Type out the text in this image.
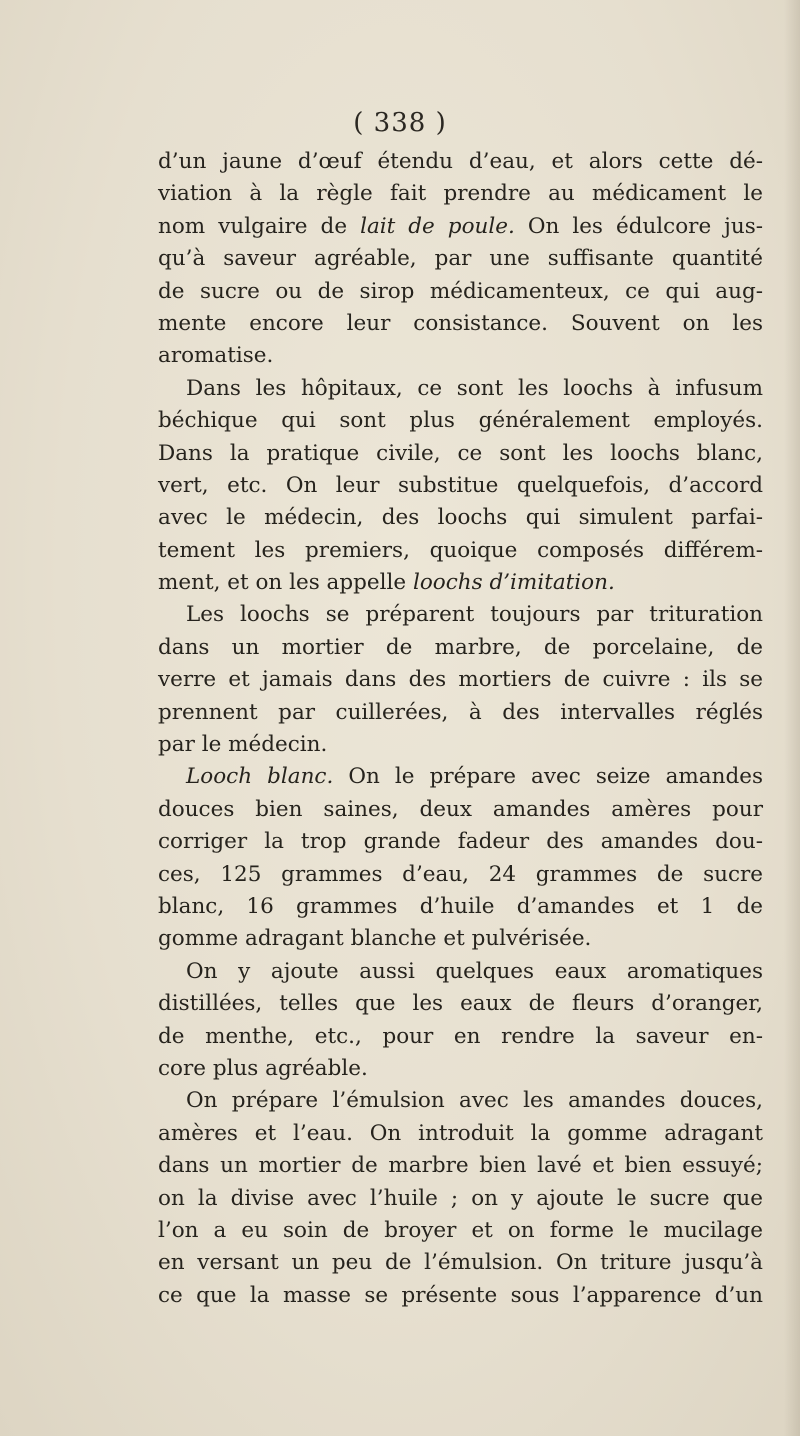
( 338 )
d’un jaune d’œuf étendu d’eau, et alors cette dé-
viation à la règle fait prendre au médicament le
nom vulgaire de lait de poule. On les édulcore jus-
qu’à saveur agréable, par une suffisante quantité
de sucre ou de sirop médicamenteux, ce qui aug-
mente encore leur consistance. Souvent on les
aromatise.
Dans les hôpitaux, ce sont les loochs à infusum
béchique qui sont plus généralement employés.
Dans la pratique civile, ce sont les loochs blanc,
vert, etc. On leur substitue quelquefois, d’accord
avec le médecin, des loochs qui simulent parfai-
tement les premiers, quoique composés différem-
ment, et on les appelle loochs d’imitation.
Les loochs se préparent toujours par trituration
dans un mortier de marbre, de porcelaine, de
verre et jamais dans des mortiers de cuivre : ils se
prennent par cuillerées, à des intervalles réglés
par le médecin.
Looch blanc. On le prépare avec seize amandes
douces bien saines, deux amandes amères pour
corriger la trop grande fadeur des amandes dou-
ces, 125 grammes d’eau, 24 grammes de sucre
blanc, 16 grammes d’huile d’amandes et 1 de
gomme adragant blanche et pulvérisée.
On y ajoute aussi quelques eaux aromatiques
distillées, telles que les eaux de fleurs d’oranger,
de menthe, etc., pour en rendre la saveur en-
core plus agréable.
On prépare l’émulsion avec les amandes douces,
amères et l’eau. On introduit la gomme adragant
dans un mortier de marbre bien lavé et bien essuyé;
on la divise avec l’huile ; on y ajoute le sucre que
l’on a eu soin de broyer et on forme le mucilage
en versant un peu de l’émulsion. On triture jusqu’à
ce que la masse se présente sous l’apparence d’un
